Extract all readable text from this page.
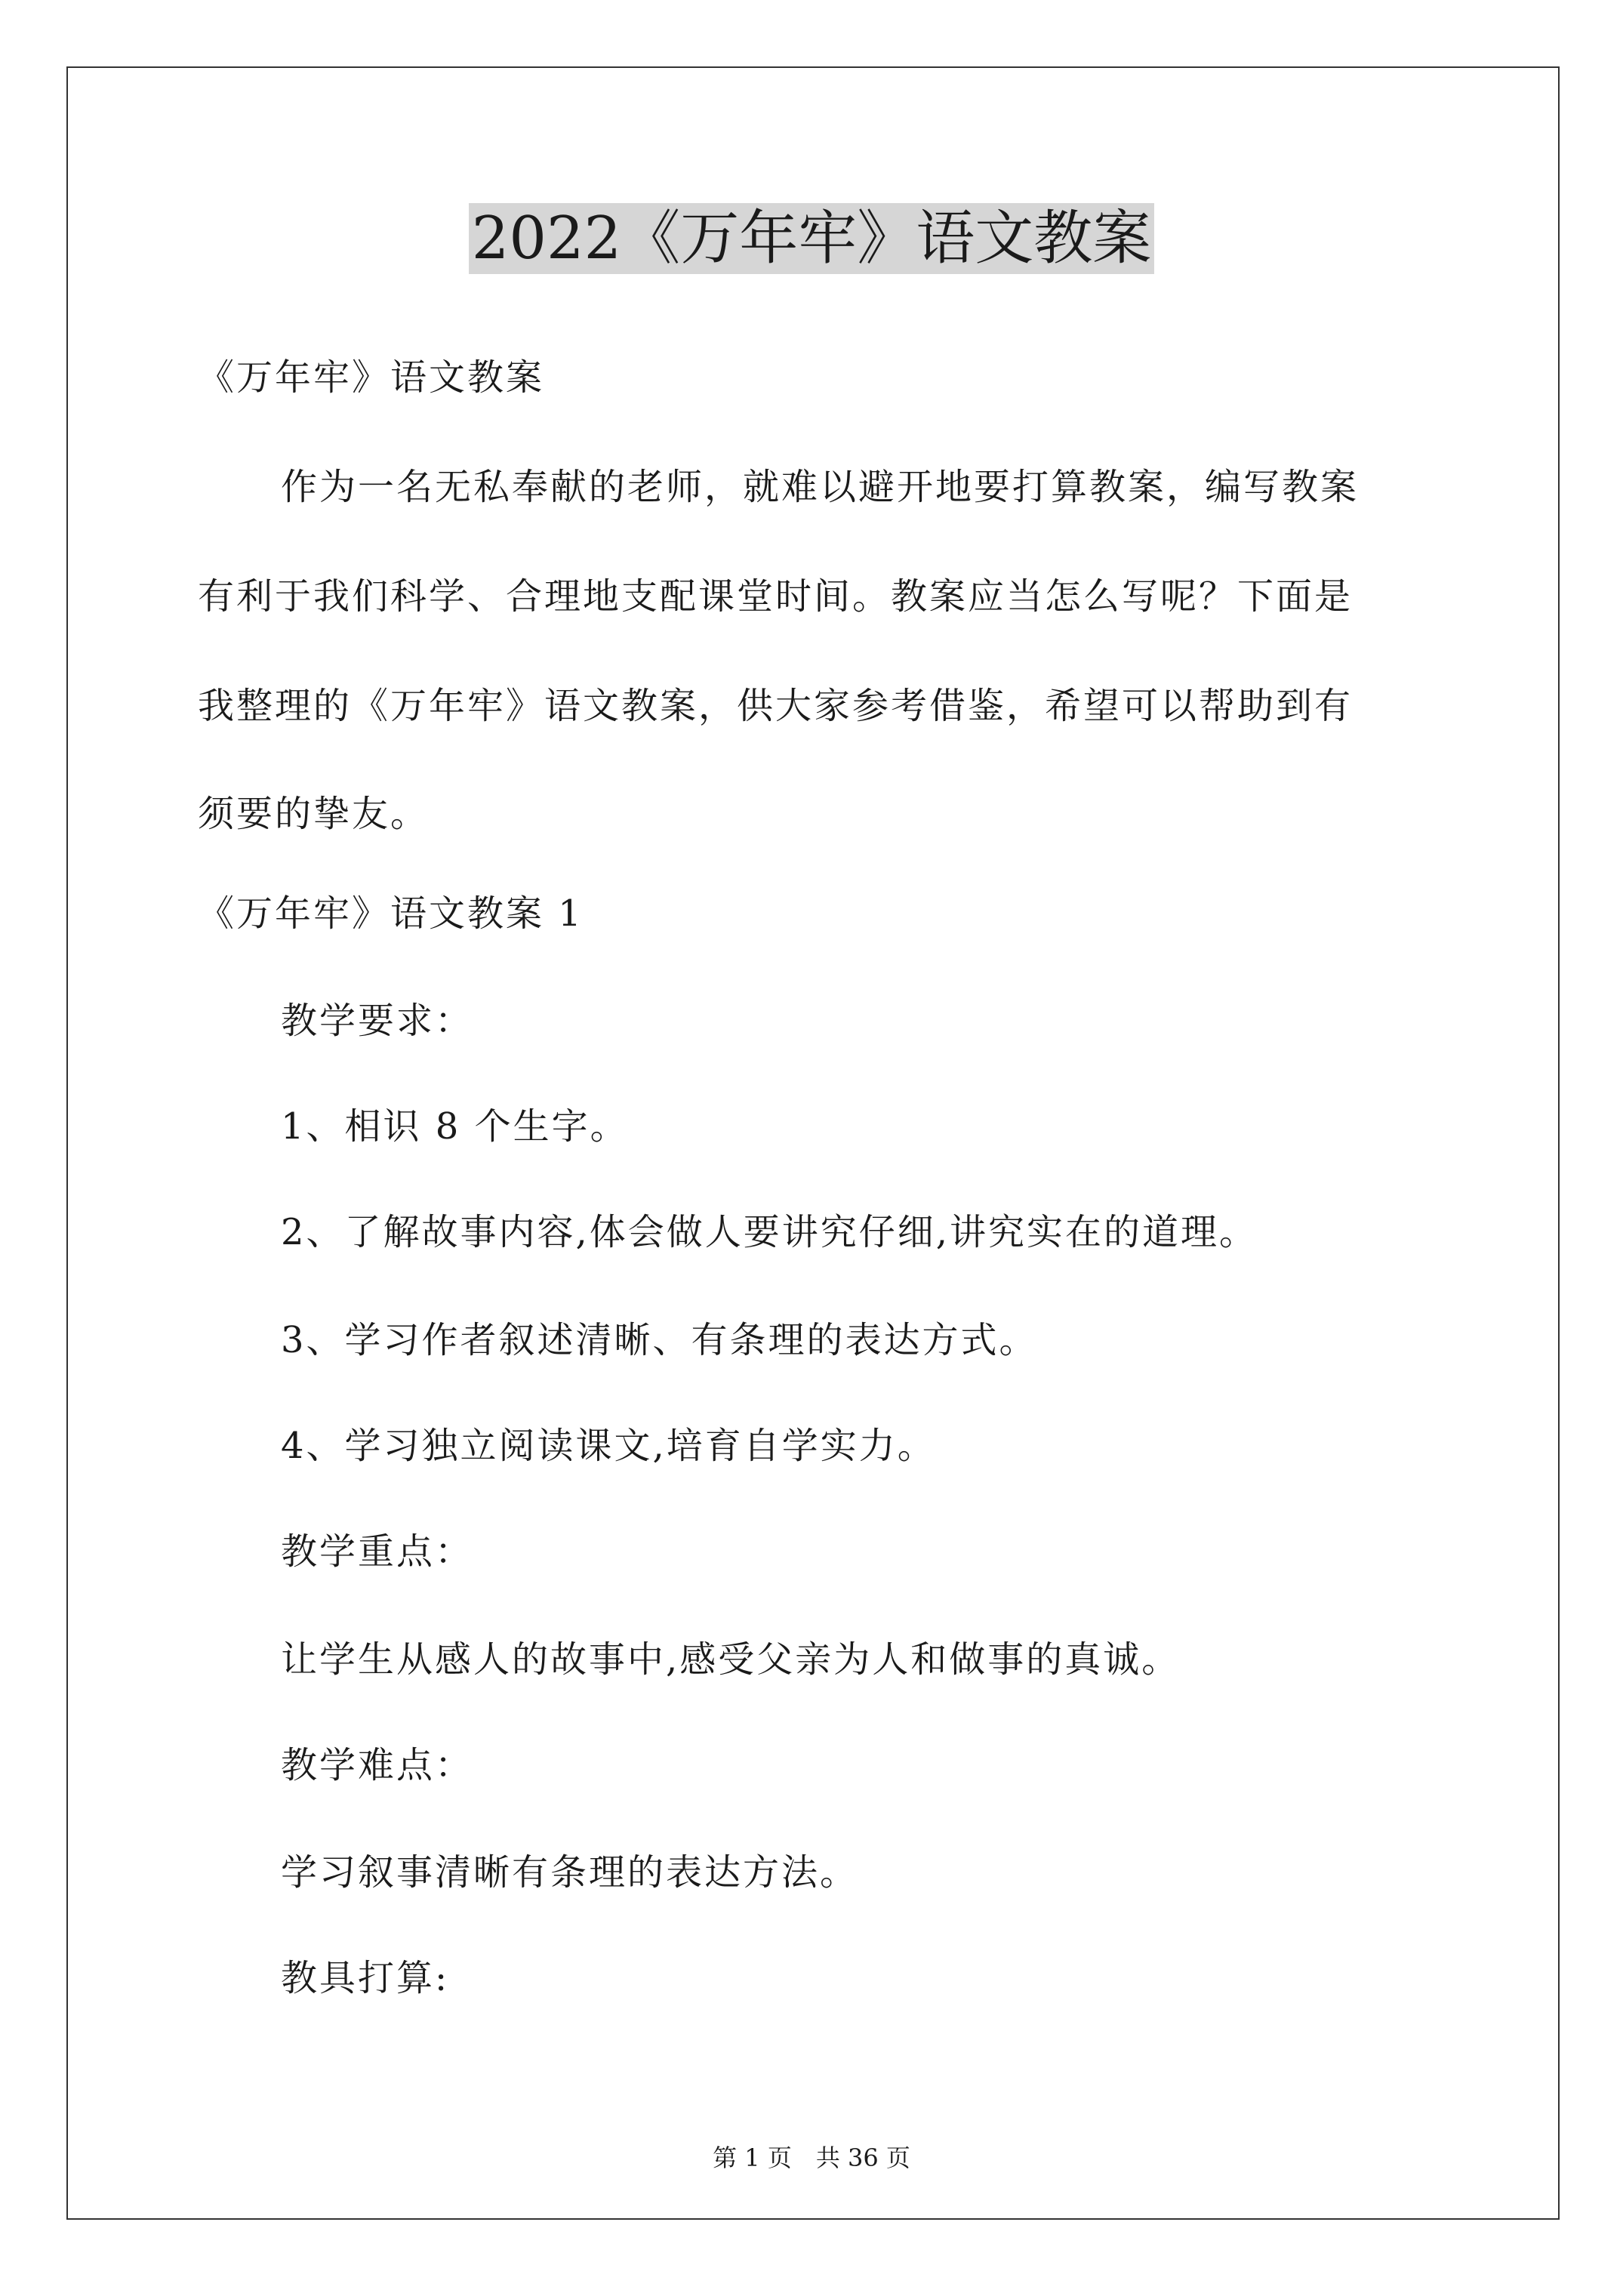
2022《万年牢》语文教案
《万年牢》语文教案
作为一名无私奉献的老师，就难以避开地要打算教案，编写教案
有利于我们科学、合理地支配课堂时间。教案应当怎么写呢？下面是
我整理的《万年牢》语文教案，供大家参考借鉴，希望可以帮助到有
须要的挚友。
《万年牢》语文教案 1
教学要求：
1、相识 8 个生字。
2、了解故事内容,体会做人要讲究仔细,讲究实在的道理。
3、学习作者叙述清晰、有条理的表达方式。
4、学习独立阅读课文,培育自学实力。
教学重点：
让学生从感人的故事中,感受父亲为人和做事的真诚。
教学难点：
学习叙事清晰有条理的表达方法。
教具打算:
第 1 页　共 36 页
